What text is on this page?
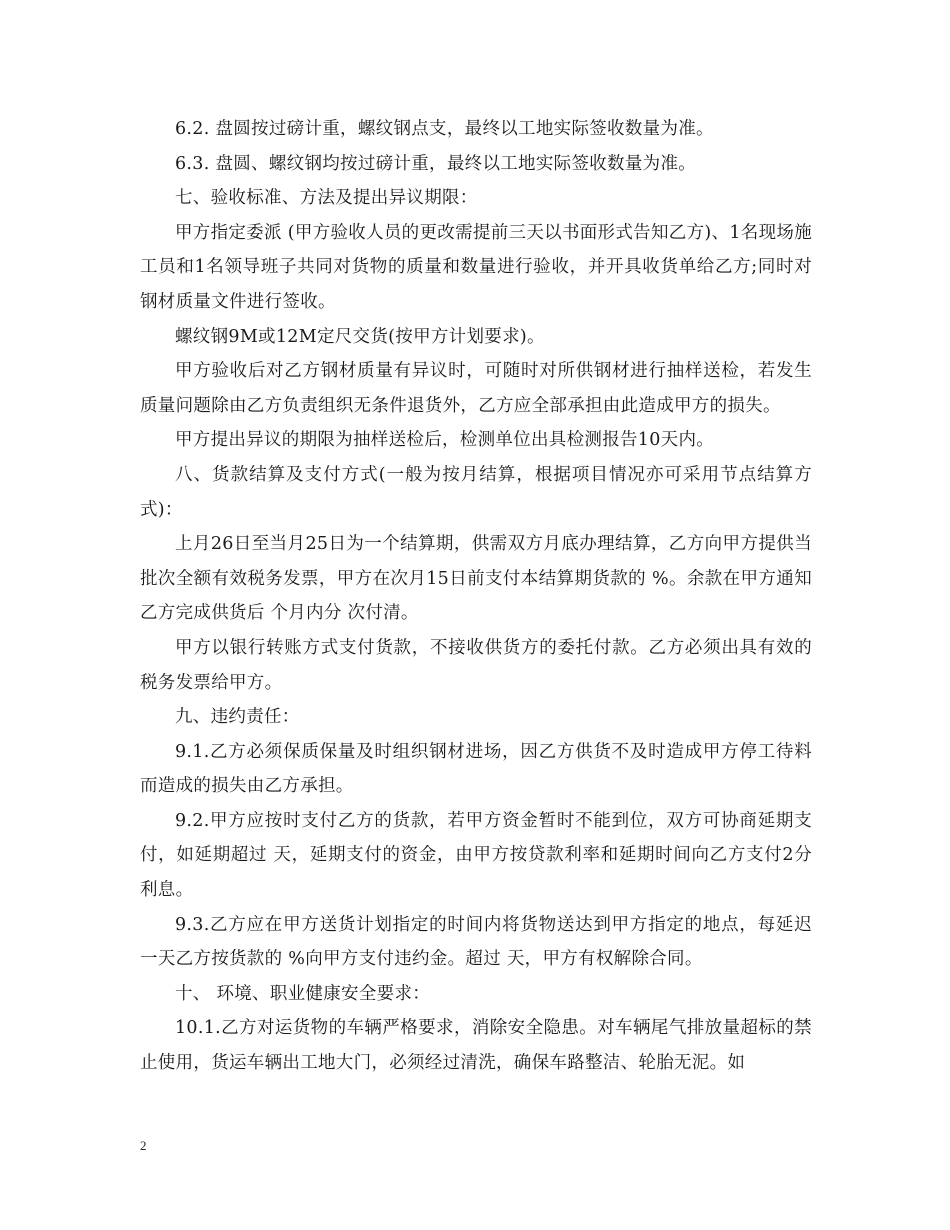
6.2. 盘圆按过磅计重，螺纹钢点支，最终以工地实际签收数量为准。

6.3. 盘圆、螺纹钢均按过磅计重，最终以工地实际签收数量为准。

七、验收标准、方法及提出异议期限：

甲方指定委派 (甲方验收人员的更改需提前三天以书面形式告知乙方)、1名现场施工员和1名领导班子共同对货物的质量和数量进行验收，并开具收货单给乙方;同时对钢材质量文件进行签收。

螺纹钢9M或12M定尺交货(按甲方计划要求)。

甲方验收后对乙方钢材质量有异议时，可随时对所供钢材进行抽样送检，若发生质量问题除由乙方负责组织无条件退货外，乙方应全部承担由此造成甲方的损失。

甲方提出异议的期限为抽样送检后，检测单位出具检测报告10天内。

八、货款结算及支付方式(一般为按月结算，根据项目情况亦可采用节点结算方式)：

上月26日至当月25日为一个结算期，供需双方月底办理结算，乙方向甲方提供当批次全额有效税务发票，甲方在次月15日前支付本结算期货款的 %。余款在甲方通知乙方完成供货后 个月内分 次付清。

甲方以银行转账方式支付货款，不接收供货方的委托付款。乙方必须出具有效的税务发票给甲方。

九、违约责任：

9.1.乙方必须保质保量及时组织钢材进场，因乙方供货不及时造成甲方停工待料而造成的损失由乙方承担。

9.2.甲方应按时支付乙方的货款，若甲方资金暂时不能到位，双方可协商延期支付，如延期超过 天，延期支付的资金，由甲方按贷款利率和延期时间向乙方支付2分利息。

9.3.乙方应在甲方送货计划指定的时间内将货物送达到甲方指定的地点，每延迟一天乙方按货款的 %向甲方支付违约金。超过 天，甲方有权解除合同。

十、 环境、职业健康安全要求：

10.1.乙方对运货物的车辆严格要求，消除安全隐患。对车辆尾气排放量超标的禁止使用，货运车辆出工地大门，必须经过清洗，确保车路整洁、轮胎无泥。如

2
